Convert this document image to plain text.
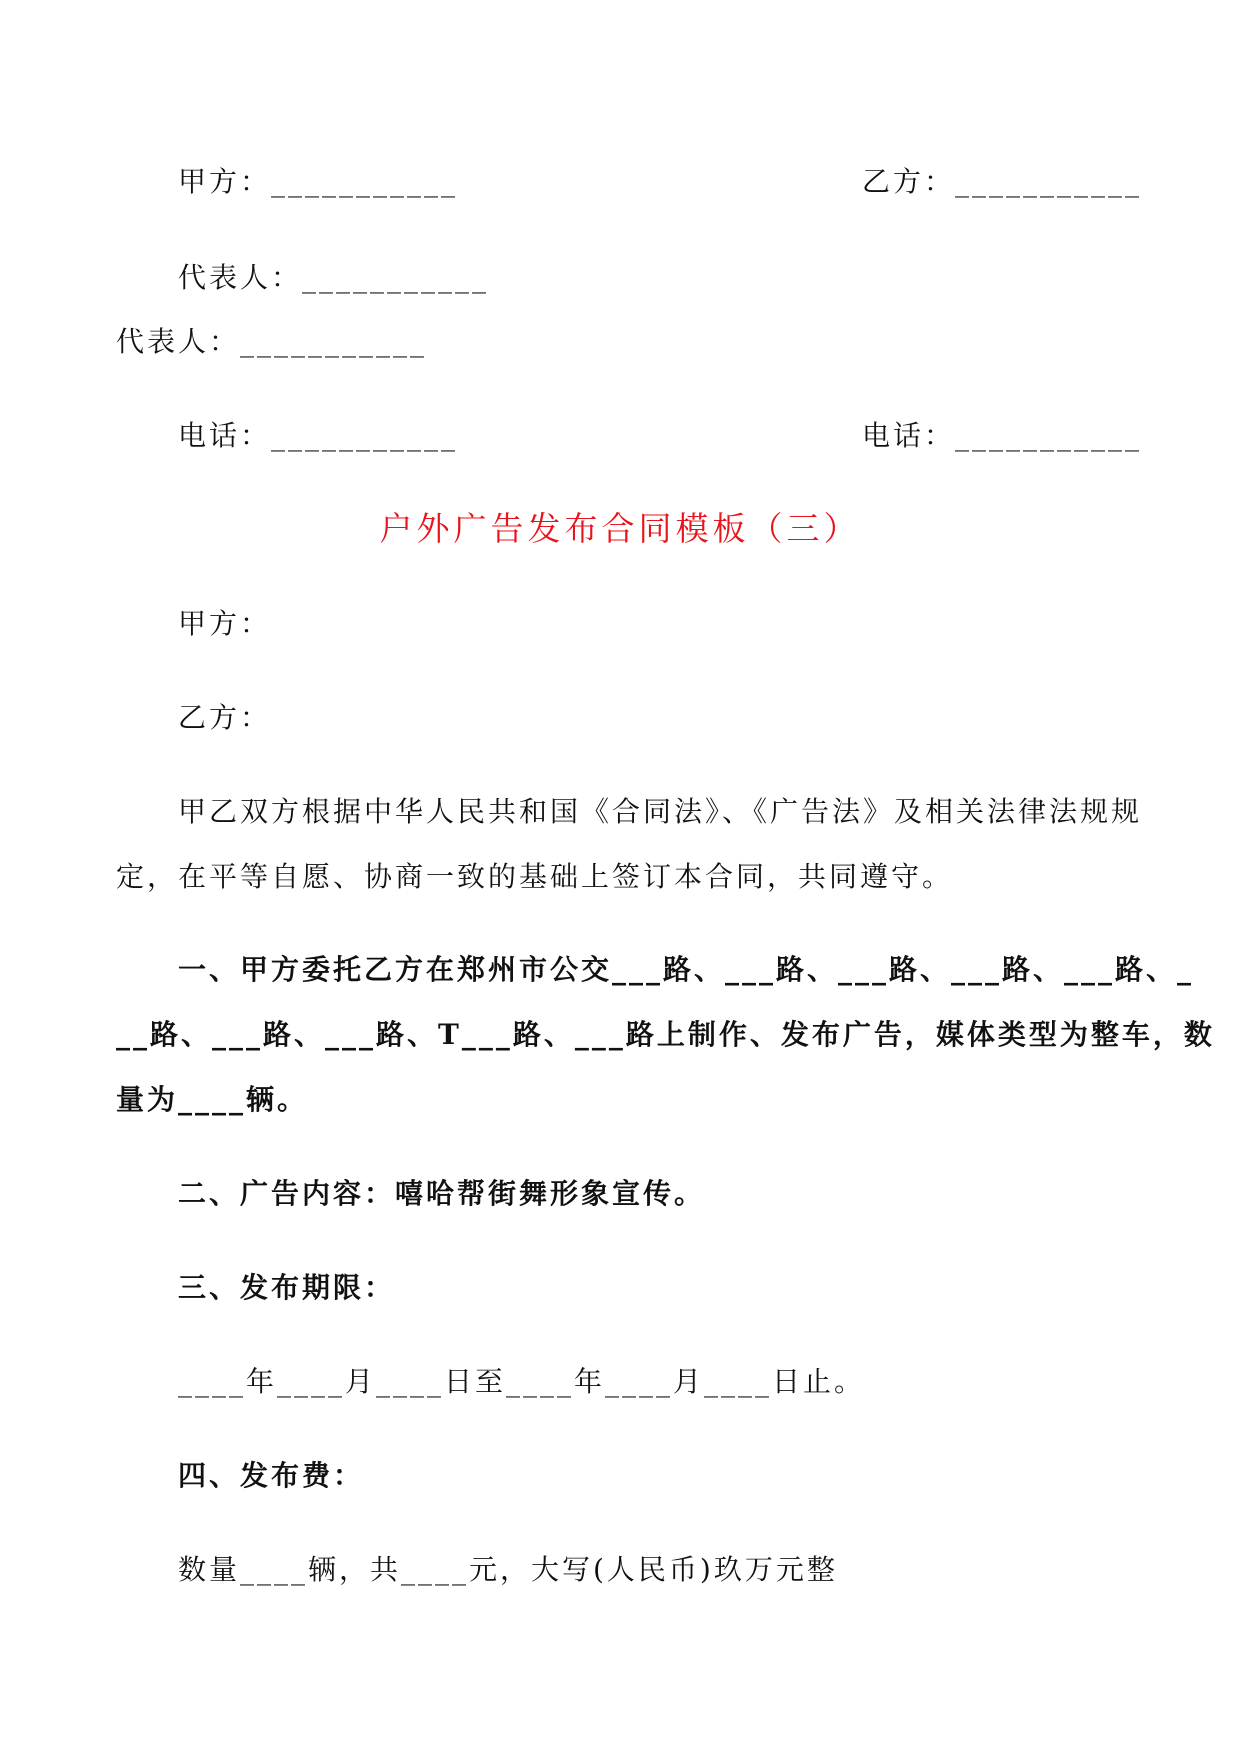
甲方：___________	乙方：___________
代表人：___________
代表人：___________
电话：___________	电话：___________
户外广告发布合同模板（三）
甲方：
乙方：
甲乙双方根据中华人民共和国《合同法》、《广告法》及相关法律法规规
定，在平等自愿、协商一致的基础上签订本合同，共同遵守。
一、甲方委托乙方在郑州市公交___路、___路、___路、___路、___路、_
__路、___路、___路、T___路、___路上制作、发布广告，媒体类型为整车，数
量为____辆。
二、广告内容：嘻哈帮街舞形象宣传。
三、发布期限：
____年____月____日至____年____月____日止。
四、发布费：
数量____辆，共____元，大写(人民币)玖万元整
